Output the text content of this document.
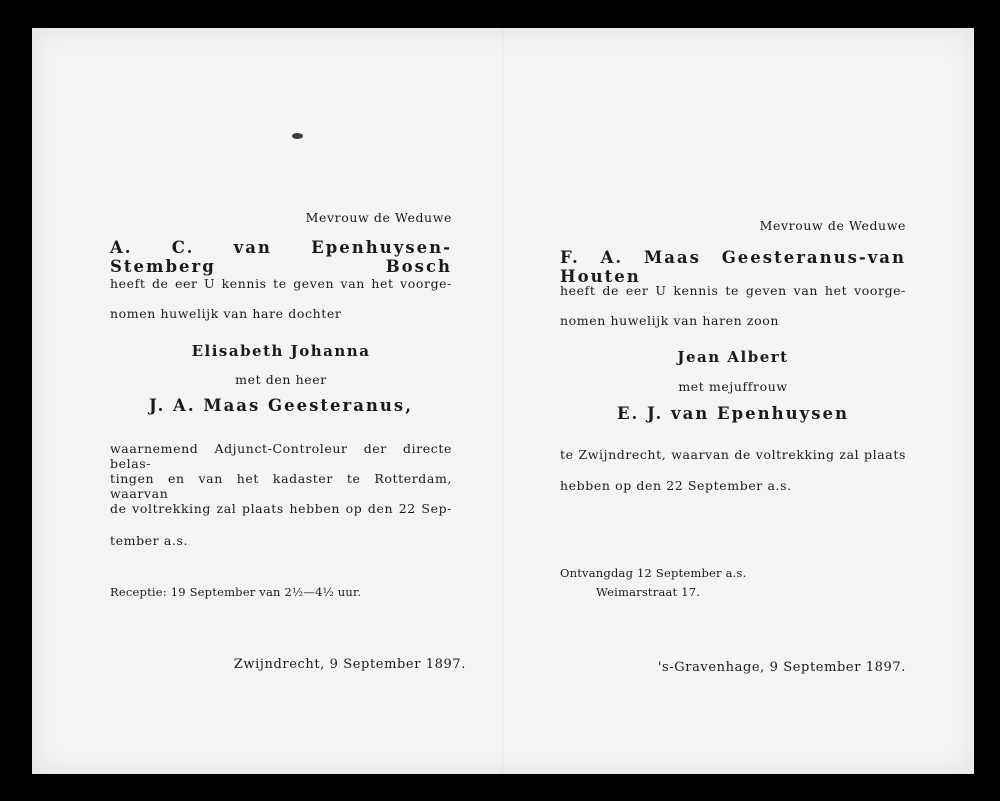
Mevrouw de Weduwe
A. C. van Epenhuysen-Stemberg Bosch
heeft de eer U kennis te geven van het voorge-
nomen huwelijk van hare dochter
Elisabeth Johanna
met den heer
J. A. Maas Geesteranus,
waarnemend Adjunct-Controleur der directe belas-
tingen en van het kadaster te Rotterdam, waarvan
de voltrekking zal plaats hebben op den 22 Sep-
tember a.s.
Receptie: 19 September van 2½—4½ uur.
Zwijndrecht, 9 September 1897.
Mevrouw de Weduwe
F. A. Maas Geesteranus-van Houten
heeft de eer U kennis te geven van het voorge-
nomen huwelijk van haren zoon
Jean Albert
met mejuffrouw
E. J. van Epenhuysen
te Zwijndrecht, waarvan de voltrekking zal plaats
hebben op den 22 September a.s.
Ontvangdag 12 September a.s.
Weimarstraat 17.
's-Gravenhage, 9 September 1897.
